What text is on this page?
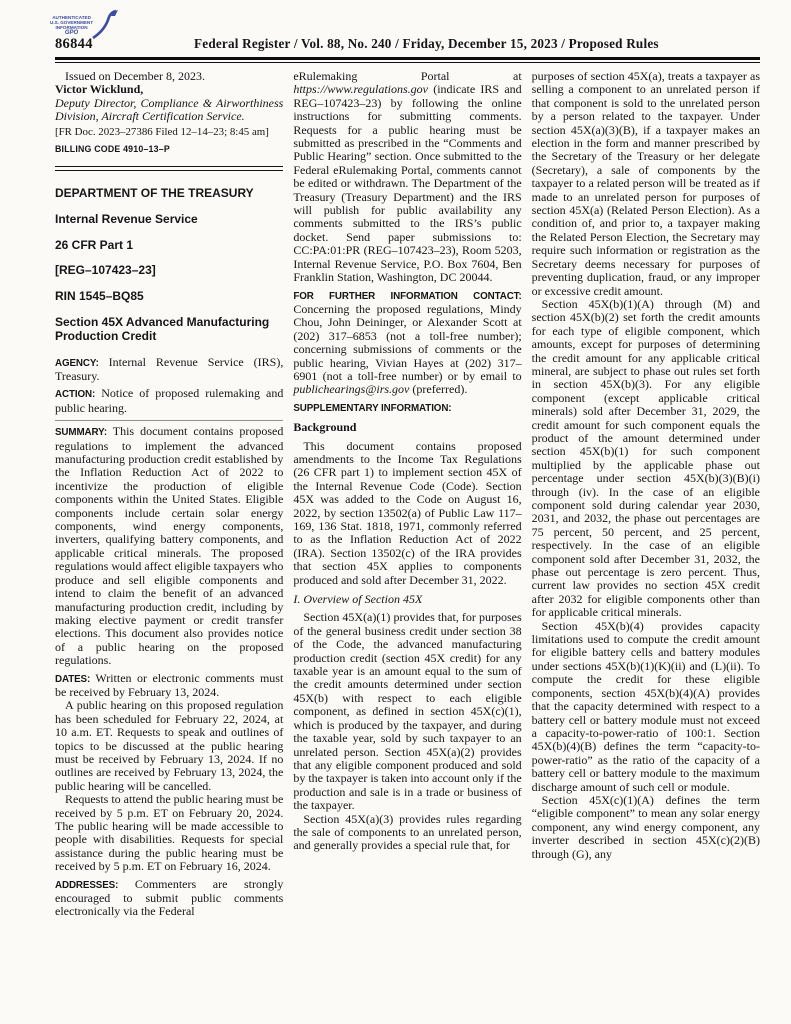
AUTHENTICATED
U.S. GOVERNMENT
INFORMATION
GPO
86844	Federal Register / Vol. 88, No. 240 / Friday, December 15, 2023 / Proposed Rules

Issued on December 8, 2023.

Victor Wicklund,

Deputy Director, Compliance & Airworthiness Division, Aircraft Certification Service.

[FR Doc. 2023–27386 Filed 12–14–23; 8:45 am]

BILLING CODE 4910–13–P

DEPARTMENT OF THE TREASURY

Internal Revenue Service

26 CFR Part 1

[REG–107423–23]

RIN 1545–BQ85

Section 45X Advanced Manufacturing Production Credit

AGENCY: Internal Revenue Service (IRS), Treasury.

ACTION: Notice of proposed rulemaking and public hearing.

SUMMARY: This document contains proposed regulations to implement the advanced manufacturing production credit established by the Inflation Reduction Act of 2022 to incentivize the production of eligible components within the United States. Eligible components include certain solar energy components, wind energy components, inverters, qualifying battery components, and applicable critical minerals. The proposed regulations would affect eligible taxpayers who produce and sell eligible components and intend to claim the benefit of an advanced manufacturing production credit, including by making elective payment or credit transfer elections. This document also provides notice of a public hearing on the proposed regulations.

DATES: Written or electronic comments must be received by February 13, 2024.

A public hearing on this proposed regulation has been scheduled for February 22, 2024, at 10 a.m. ET. Requests to speak and outlines of topics to be discussed at the public hearing must be received by February 13, 2024. If no outlines are received by February 13, 2024, the public hearing will be cancelled.

Requests to attend the public hearing must be received by 5 p.m. ET on February 20, 2024. The public hearing will be made accessible to people with disabilities. Requests for special assistance during the public hearing must be received by 5 p.m. ET on February 16, 2024.

ADDRESSES: Commenters are strongly encouraged to submit public comments electronically via the Federal

eRulemaking Portal at https://www.regulations.gov (indicate IRS and REG–107423–23) by following the online instructions for submitting comments. Requests for a public hearing must be submitted as prescribed in the “Comments and Public Hearing” section. Once submitted to the Federal eRulemaking Portal, comments cannot be edited or withdrawn. The Department of the Treasury (Treasury Department) and the IRS will publish for public availability any comments submitted to the IRS’s public docket. Send paper submissions to: CC:PA:01:PR (REG–107423–23), Room 5203, Internal Revenue Service, P.O. Box 7604, Ben Franklin Station, Washington, DC 20044.

FOR FURTHER INFORMATION CONTACT: Concerning the proposed regulations, Mindy Chou, John Deininger, or Alexander Scott at (202) 317–6853 (not a toll-free number); concerning submissions of comments or the public hearing, Vivian Hayes at (202) 317–6901 (not a toll-free number) or by email to publichearings@irs.gov (preferred).

SUPPLEMENTARY INFORMATION:

Background

This document contains proposed amendments to the Income Tax Regulations (26 CFR part 1) to implement section 45X of the Internal Revenue Code (Code). Section 45X was added to the Code on August 16, 2022, by section 13502(a) of Public Law 117–169, 136 Stat. 1818, 1971, commonly referred to as the Inflation Reduction Act of 2022 (IRA). Section 13502(c) of the IRA provides that section 45X applies to components produced and sold after December 31, 2022.

I. Overview of Section 45X

Section 45X(a)(1) provides that, for purposes of the general business credit under section 38 of the Code, the advanced manufacturing production credit (section 45X credit) for any taxable year is an amount equal to the sum of the credit amounts determined under section 45X(b) with respect to each eligible component, as defined in section 45X(c)(1), which is produced by the taxpayer, and during the taxable year, sold by such taxpayer to an unrelated person. Section 45X(a)(2) provides that any eligible component produced and sold by the taxpayer is taken into account only if the production and sale is in a trade or business of the taxpayer.

Section 45X(a)(3) provides rules regarding the sale of components to an unrelated person, and generally provides a special rule that, for

purposes of section 45X(a), treats a taxpayer as selling a component to an unrelated person if that component is sold to the unrelated person by a person related to the taxpayer. Under section 45X(a)(3)(B), if a taxpayer makes an election in the form and manner prescribed by the Secretary of the Treasury or her delegate (Secretary), a sale of components by the taxpayer to a related person will be treated as if made to an unrelated person for purposes of section 45X(a) (Related Person Election). As a condition of, and prior to, a taxpayer making the Related Person Election, the Secretary may require such information or registration as the Secretary deems necessary for purposes of preventing duplication, fraud, or any improper or excessive credit amount.

Section 45X(b)(1)(A) through (M) and section 45X(b)(2) set forth the credit amounts for each type of eligible component, which amounts, except for purposes of determining the credit amount for any applicable critical mineral, are subject to phase out rules set forth in section 45X(b)(3). For any eligible component (except applicable critical minerals) sold after December 31, 2029, the credit amount for such component equals the product of the amount determined under section 45X(b)(1) for such component multiplied by the applicable phase out percentage under section 45X(b)(3)(B)(i) through (iv). In the case of an eligible component sold during calendar year 2030, 2031, and 2032, the phase out percentages are 75 percent, 50 percent, and 25 percent, respectively. In the case of an eligible component sold after December 31, 2032, the phase out percentage is zero percent. Thus, current law provides no section 45X credit after 2032 for eligible components other than for applicable critical minerals.

Section 45X(b)(4) provides capacity limitations used to compute the credit amount for eligible battery cells and battery modules under sections 45X(b)(1)(K)(ii) and (L)(ii). To compute the credit for these eligible components, section 45X(b)(4)(A) provides that the capacity determined with respect to a battery cell or battery module must not exceed a capacity-to-power-ratio of 100:1. Section 45X(b)(4)(B) defines the term “capacity-to-power-ratio” as the ratio of the capacity of a battery cell or battery module to the maximum discharge amount of such cell or module.

Section 45X(c)(1)(A) defines the term “eligible component” to mean any solar energy component, any wind energy component, any inverter described in section 45X(c)(2)(B) through (G), any
